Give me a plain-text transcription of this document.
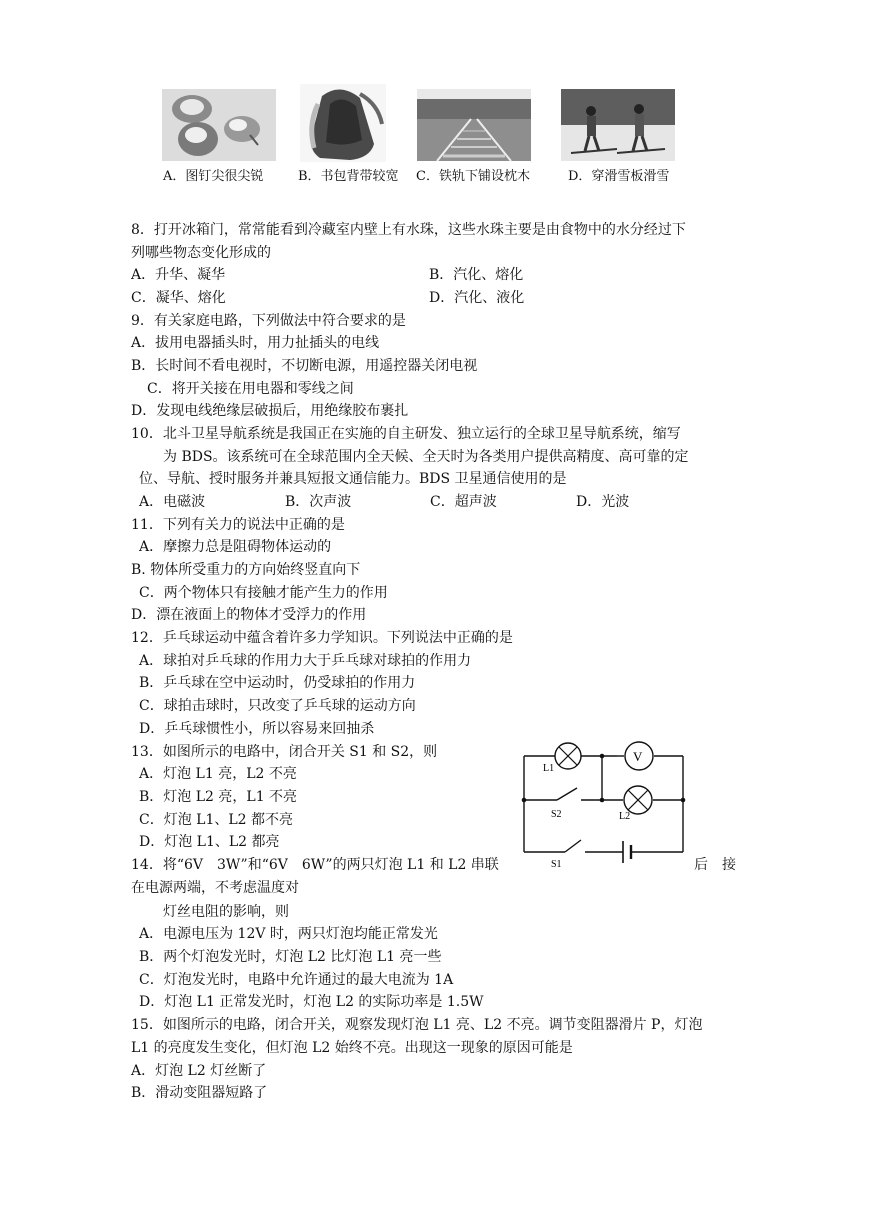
A．图钉尖很尖锐	B．书包背带较宽 C．铁轨下铺设枕木	D．穿滑雪板滑雪
8．打开冰箱门，常常能看到冷藏室内壁上有水珠，这些水珠主要是由食物中的水分经过下
列哪些物态变化形成的
A．升华、凝华	B．汽化、熔化
C．凝华、熔化	D．汽化、液化
9．有关家庭电路，下列做法中符合要求的是
A．拔用电器插头时，用力扯插头的电线
B．长时间不看电视时，不切断电源，用遥控器关闭电视
C．将开关接在用电器和零线之间
D．发现电线绝缘层破损后，用绝缘胶布裹扎
10．北斗卫星导航系统是我国正在实施的自主研发、独立运行的全球卫星导航系统，缩写
为 BDS。该系统可在全球范围内全天候、全天时为各类用户提供高精度、高可靠的定
位、导航、授时服务并兼具短报文通信能力。BDS 卫星通信使用的是
A．电磁波	B．次声波	C．超声波	D．光波
11．下列有关力的说法中正确的是
A．摩擦力总是阻碍物体运动的
B. 物体所受重力的方向始终竖直向下
C．两个物体只有接触才能产生力的作用
D．漂在液面上的物体才受浮力的作用
12．乒乓球运动中蕴含着许多力学知识。下列说法中正确的是
A．球拍对乒乓球的作用力大于乒乓球对球拍的作用力
B．乒乓球在空中运动时，仍受球拍的作用力
C．球拍击球时，只改变了乒乓球的运动方向
D．乒乓球惯性小，所以容易来回抽杀
13．如图所示的电路中，闭合开关 S1 和 S2，则
A．灯泡 L1 亮，L2 不亮
B．灯泡 L2 亮，L1 不亮
C．灯泡 L1、L2 都不亮
D．灯泡 L1、L2 都亮
V
L1
L2
S2
S1
14．将“6V　3W”和“6V　6W”的两只灯泡 L1 和 L2 串联	后　接
在电源两端，不考虑温度对
灯丝电阻的影响，则
A．电源电压为 12V 时，两只灯泡均能正常发光
B．两个灯泡发光时，灯泡 L2 比灯泡 L1 亮一些
C．灯泡发光时，电路中允许通过的最大电流为 1A
D．灯泡 L1 正常发光时，灯泡 L2 的实际功率是 1.5W
15．如图所示的电路，闭合开关，观察发现灯泡 L1 亮、L2 不亮。调节变阻器滑片 P，灯泡
L1 的亮度发生变化，但灯泡 L2 始终不亮。出现这一现象的原因可能是
A．灯泡 L2 灯丝断了
B．滑动变阻器短路了
